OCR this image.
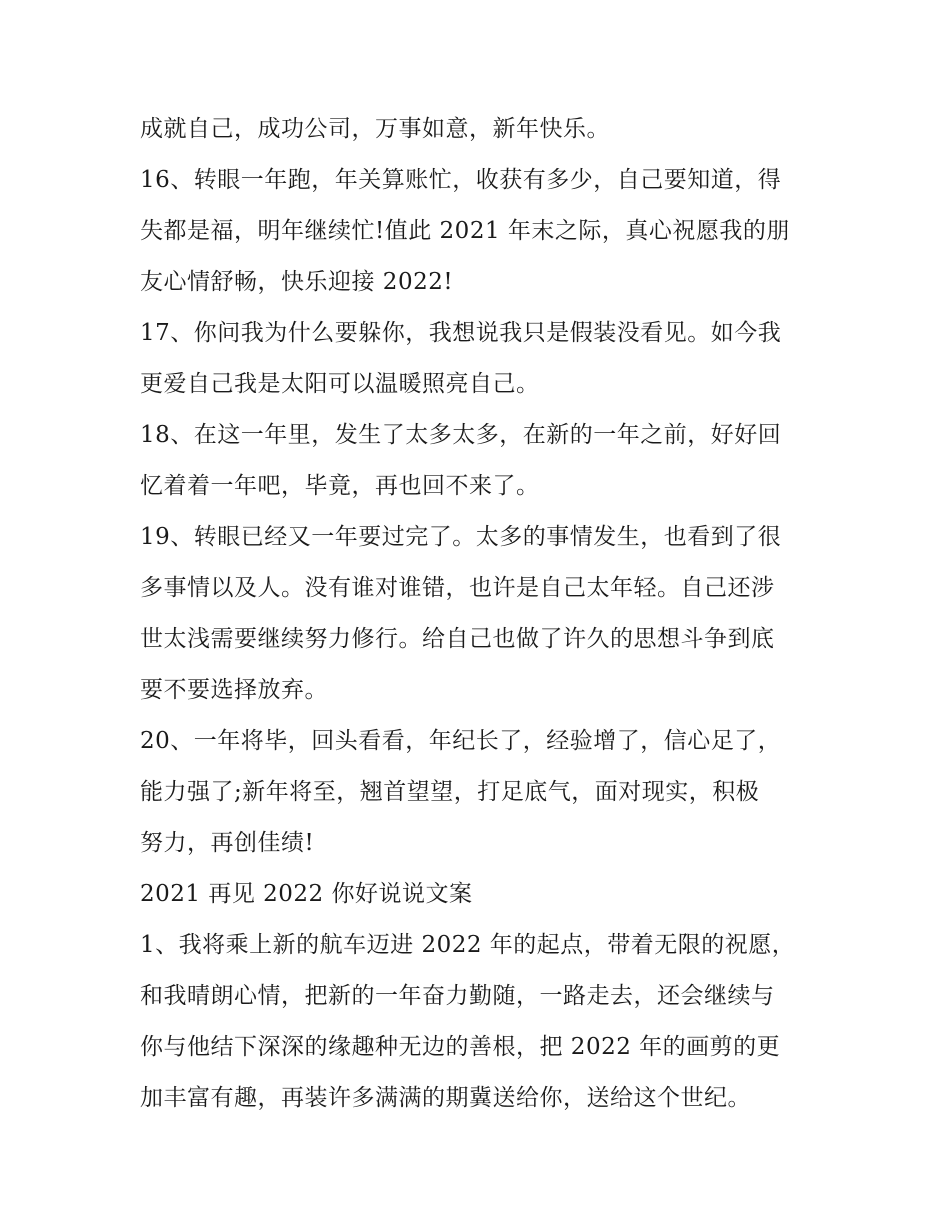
成就自己，成功公司，万事如意，新年快乐。
16、转眼一年跑，年关算账忙，收获有多少，自己要知道，得
失都是福，明年继续忙!值此 2021 年末之际，真心祝愿我的朋
友心情舒畅，快乐迎接 2022!
17、你问我为什么要躲你，我想说我只是假装没看见。如今我
更爱自己我是太阳可以温暖照亮自己。
18、在这一年里，发生了太多太多，在新的一年之前，好好回
忆着着一年吧，毕竟，再也回不来了。
19、转眼已经又一年要过完了。太多的事情发生，也看到了很
多事情以及人。没有谁对谁错，也许是自己太年轻。自己还涉
世太浅需要继续努力修行。给自己也做了许久的思想斗争到底
要不要选择放弃。
20、一年将毕，回头看看，年纪长了，经验增了，信心足了，
能力强了;新年将至，翘首望望，打足底气，面对现实，积极
努力，再创佳绩!
2021 再见 2022 你好说说文案
1、我将乘上新的航车迈进 2022 年的起点，带着无限的祝愿，
和我晴朗心情，把新的一年奋力勤随，一路走去，还会继续与
你与他结下深深的缘趣种无边的善根，把 2022 年的画剪的更
加丰富有趣，再装许多满满的期冀送给你，送给这个世纪。
